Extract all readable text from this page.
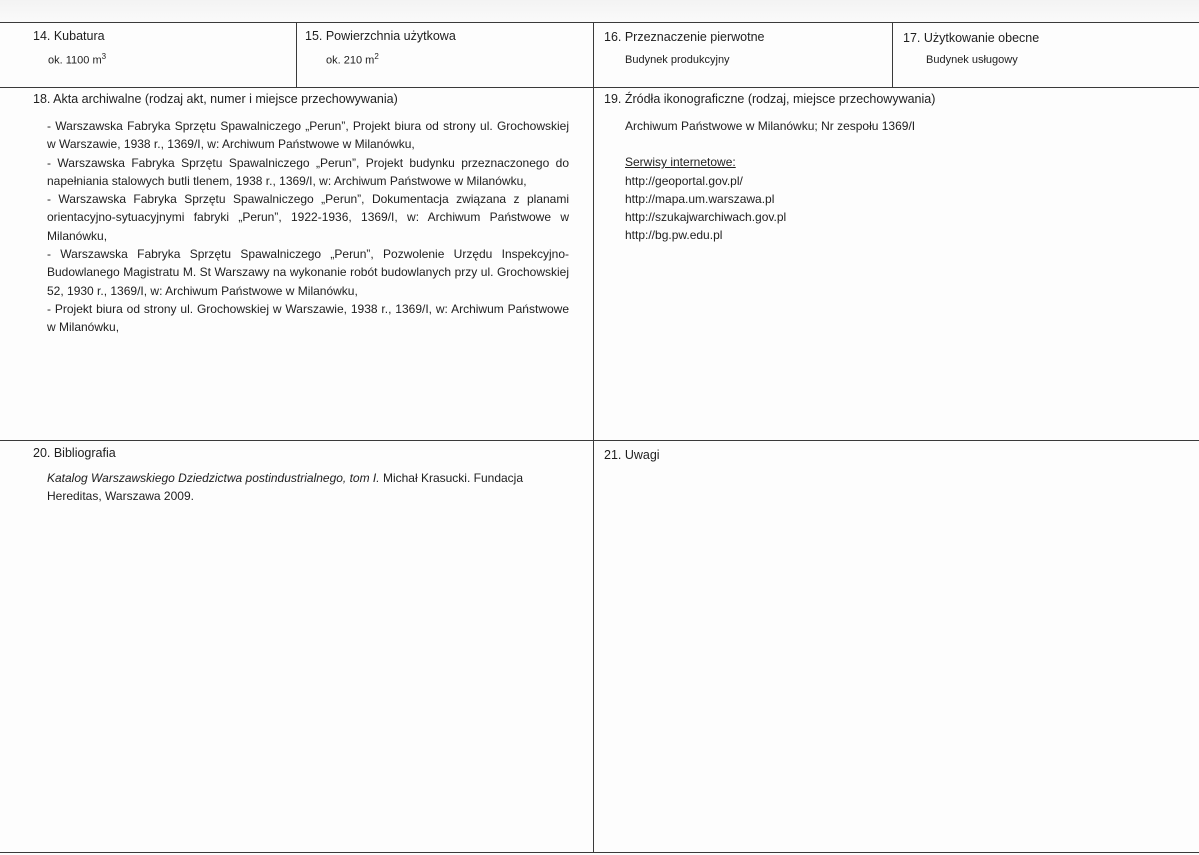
14. Kubatura
ok. 1100 $m^3$
15. Powierzchnia użytkowa
ok. 210 $m^2$
16. Przeznaczenie pierwotne
Budynek produkcyjny
17. Użytkowanie obecne
Budynek usługowy
18. Akta archiwalne (rodzaj akt, numer i miejsce przechowywania)

- Warszawska Fabryka Sprzętu Spawalniczego „Perun”, Projekt biura od strony ul. Grochowskiej w Warszawie, 1938 r., 1369/I, w: Archiwum Państwowe w Milanówku,

- Warszawska Fabryka Sprzętu Spawalniczego „Perun”, Projekt budynku przeznaczonego do napełniania stalowych butli tlenem, 1938 r., 1369/I, w: Archiwum Państwowe w Milanówku,

- Warszawska Fabryka Sprzętu Spawalniczego „Perun”, Dokumentacja związana z planami orientacyjno-sytuacyjnymi fabryki „Perun”, 1922-1936, 1369/I, w: Archiwum Państwowe w Milanówku,

- Warszawska Fabryka Sprzętu Spawalniczego „Perun”, Pozwolenie Urzędu Inspekcyjno-Budowlanego Magistratu M. St Warszawy na wykonanie robót budowlanych przy ul. Grochowskiej 52, 1930 r., 1369/I, w: Archiwum Państwowe w Milanówku,

- Projekt biura od strony ul. Grochowskiej w Warszawie, 1938 r., 1369/I, w: Archiwum Państwowe w Milanówku,

19. Źródła ikonograficzne (rodzaj, miejsce przechowywania)
Archiwum Państwowe w Milanówku; Nr zespołu 1369/I
Serwisy internetowe:
http://geoportal.gov.pl/
http://mapa.um.warszawa.pl
http://szukajwarchiwach.gov.pl
http://bg.pw.edu.pl
20. Bibliografia
Katalog Warszawskiego Dziedzictwa postindustrialnego, tom I. Michał Krasucki. Fundacja Hereditas, Warszawa 2009.
21. Uwagi
